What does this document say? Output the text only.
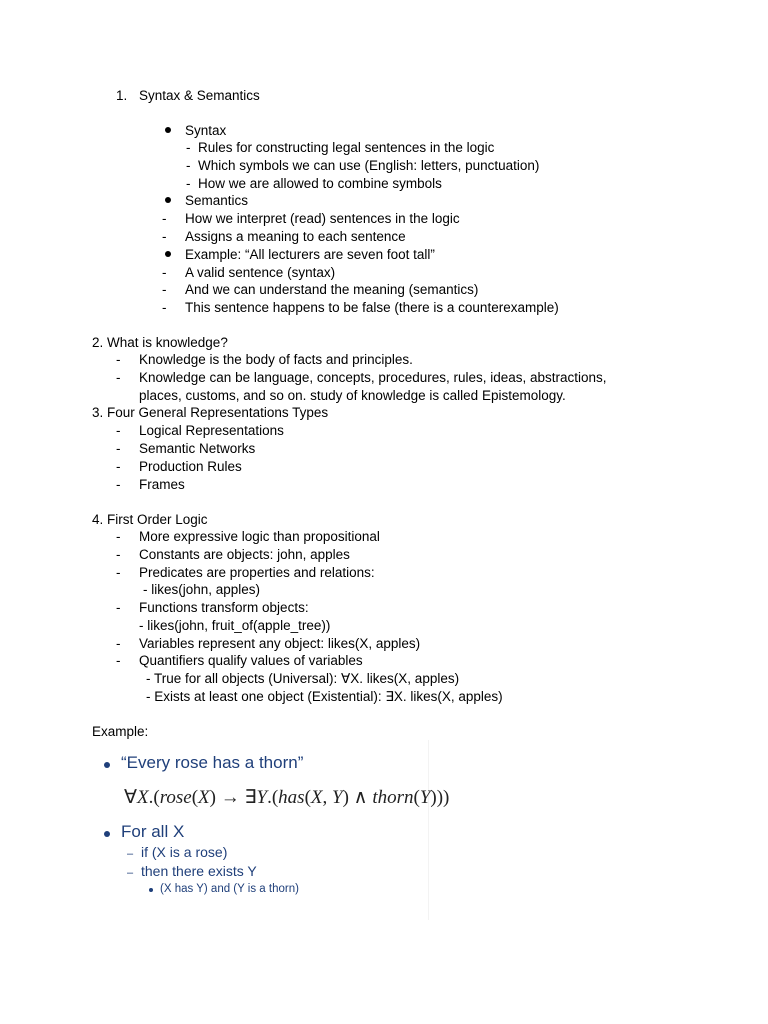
1. Syntax & Semantics
Syntax
- Rules for constructing legal sentences in the logic
- Which symbols we can use (English: letters, punctuation)
- How we are allowed to combine symbols
Semantics
- How we interpret (read) sentences in the logic
- Assigns a meaning to each sentence
Example: “All lecturers are seven foot tall”
- A valid sentence (syntax)
- And we can understand the meaning (semantics)
- This sentence happens to be false (there is a counterexample)
2. What is knowledge?
- Knowledge is the body of facts and principles.
- Knowledge can be language, concepts, procedures, rules, ideas, abstractions,
places, customs, and so on. study of knowledge is called Epistemology.
3. Four General Representations Types
- Logical Representations
- Semantic Networks
- Production Rules
- Frames
4. First Order Logic
- More expressive logic than propositional
- Constants are objects: john, apples
- Predicates are properties and relations:
- likes(john, apples)
- Functions transform objects:
- likes(john, fruit_of(apple_tree))
- Variables represent any object: likes(X, apples)
- Quantifiers qualify values of variables
- True for all objects (Universal): ∀X. likes(X, apples)
- Exists at least one object (Existential): ∃X. likes(X, apples)
Example:
“Every rose has a thorn”
∀X.(rose(X) → ∃Y.(has(X, Y) ∧ thorn(Y)))
For all X
– if (X is a rose)
– then there exists Y
(X has Y) and (Y is a thorn)
